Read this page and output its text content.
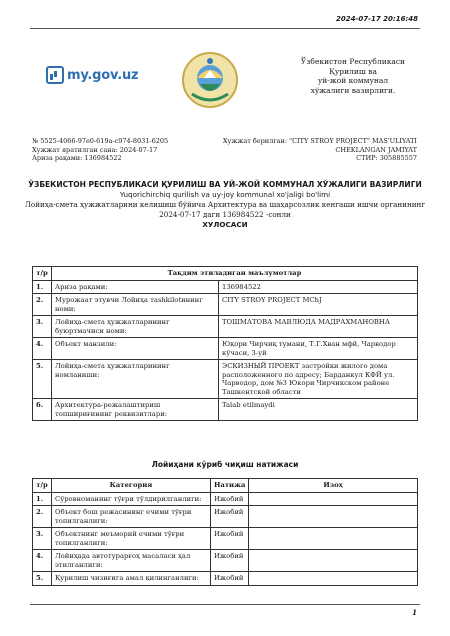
2024-07-17 20:16:48
my.gov.uz
Ўзбекистон Республикаси
Қурилиш ва
уй-жой коммунал
хўжалиги вазирлиги.
№ 5525-4066-97e0-619a-c974-8031-6205
Хужжат яратилган сана: 2024-07-17
Ариза рақами: 136984522
Хужжат берилган: "CITY STROY PROJECT" MAS'ULIYATI
CHEKLANGAN JAMIYAT
СТИР: 305885557
ЎЗБЕКИСТОН РЕСПУБЛИКАСИ ҚУРИЛИШ ВА УЙ-ЖОЙ КОММУНАЛ ХЎЖАЛИГИ ВАЗИРЛИГИ
Yuqorichirchiq qurilish va uy-joy kommunal xo'jaligi bo'limi
Лойиҳа-смета ҳужжатларини келишиш бўйича Архитектура ва шаҳарсозлик кенгаши ишчи органининг
2024-07-17 даги 136984522 -сонли
ХУЛОСАСИ
т/р	Тақдим этиладиган маълумотлар	
1.	Ариза рақами:	136984522
2.	Мурожаат этувчи Лойиҳа тashkilotининг номи:	CITY STROY PROJECT MChJ
3.	Лойиҳа-смета ҳужжатларининг буюртмачиси номи:	ТОШМАТОВА МАВЛЮДА МАДРАХМАНОВНА
4.	Объект манзили:	Юқори Чирчиқ тумани, Т.Г.Хван мфй, Чарводор кўчаси, 3-уй
5.	Лойиҳа-смета ҳужжатларининг номланиши:	ЭСКИЗНЫЙ ПРОЕКТ застройки жилого дома расположенного по адресу; Барданкул КФЙ ул. Чарводор, дом №3 Юкори Чирчикском районе Ташкентской области
6.	Архитектура-режалаштириш топшириғининг реквизитлари:	Talab etilmaydi
Лойиҳани кўриб чиқиш натижаси
т/р	Категория	Натижа	Изоҳ
1.	Сўровноманинг тўғри тўлдирилганлиги:	Ижобий	
2.	Объект бош режасининг ечими тўғри топилганлиги:	Ижобий	
3.	Объектнинг меъморий ечими тўғри топилганлиги:	Ижобий	
4.	Лойиҳада автотурарғоҳ масаласи ҳал этилганлиги:	Ижобий	
5.	Қурилиш чизиғига амал қилинганлиги:	Ижобий	
1
